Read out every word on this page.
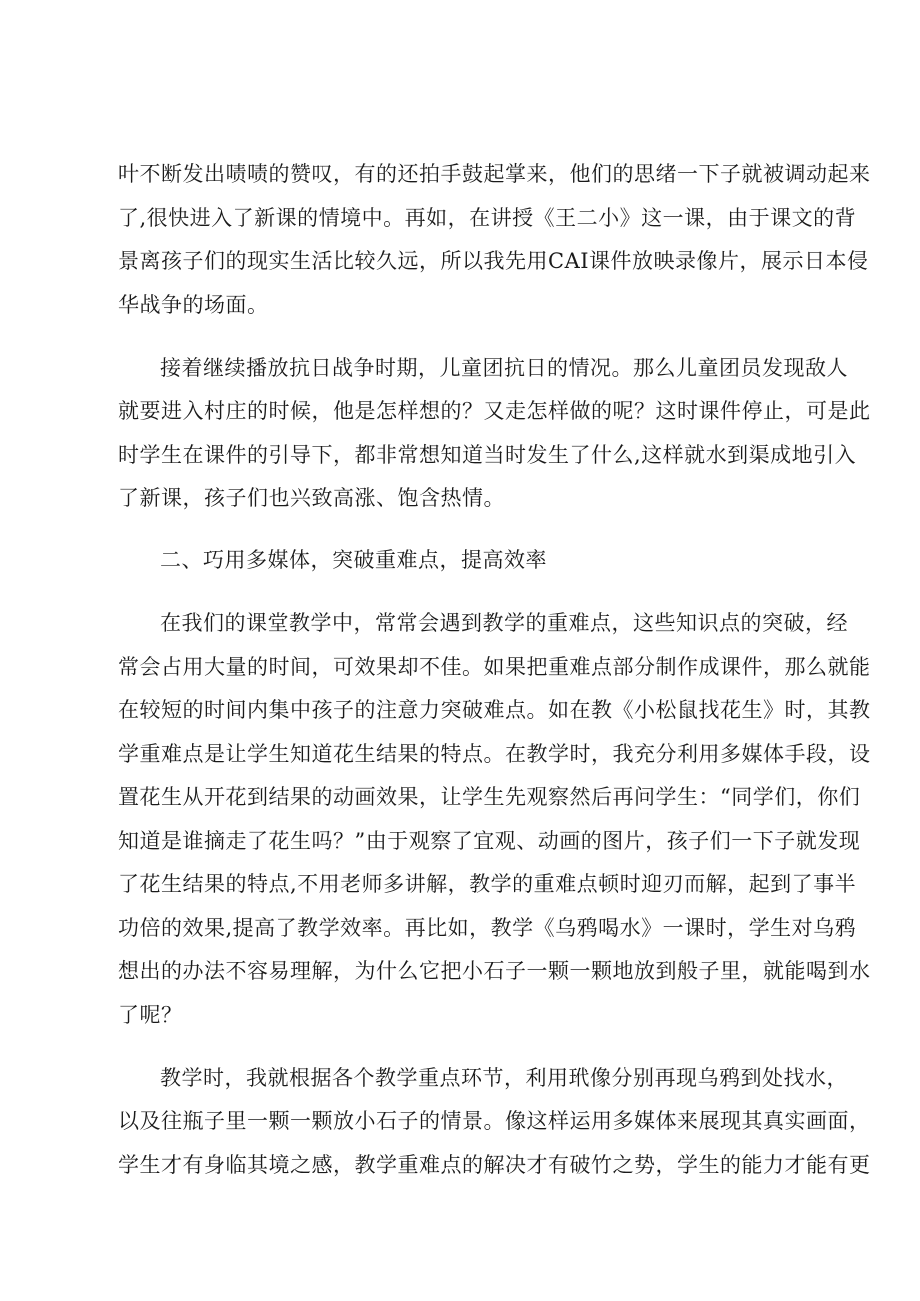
叶不断发出啧啧的赞叹，有的还拍手鼓起掌来，他们的思绪一下子就被调动起来
了,很快进入了新课的情境中。再如，在讲授《王二小》这一课，由于课文的背
景离孩子们的现实生活比较久远，所以我先用CAI课件放映录像片，展示日本侵
华战争的场面。
接着继续播放抗日战争时期，儿童团抗日的情况。那么儿童团员发现敌人
就要进入村庄的时候，他是怎样想的？又走怎样做的呢？这时课件停止，可是此
时学生在课件的引导下，都非常想知道当时发生了什么,这样就水到渠成地引入
了新课，孩子们也兴致高涨、饱含热情。
二、巧用多媒体，突破重难点，提高效率
在我们的课堂教学中，常常会遇到教学的重难点，这些知识点的突破，经
常会占用大量的时间，可效果却不佳。如果把重难点部分制作成课件，那么就能
在较短的时间内集中孩子的注意力突破难点。如在教《小松鼠找花生》时，其教
学重难点是让学生知道花生结果的特点。在教学时，我充分利用多媒体手段，设
置花生从开花到结果的动画效果，让学生先观察然后再问学生：“同学们，你们
知道是谁摘走了花生吗？”由于观察了宜观、动画的图片，孩子们一下子就发现
了花生结果的特点,不用老师多讲解，教学的重难点顿时迎刃而解，起到了事半
功倍的效果,提高了教学效率。再比如，教学《乌鸦喝水》一课时，学生对乌鸦
想出的办法不容易理解，为什么它把小石子一颗一颗地放到般子里，就能喝到水
了呢？
教学时，我就根据各个教学重点环节，利用玳像分别再现乌鸦到处找水，
以及往瓶子里一颗一颗放小石子的情景。像这样运用多媒体来展现其真实画面，
学生才有身临其境之感，教学重难点的解决才有破竹之势，学生的能力才能有更
